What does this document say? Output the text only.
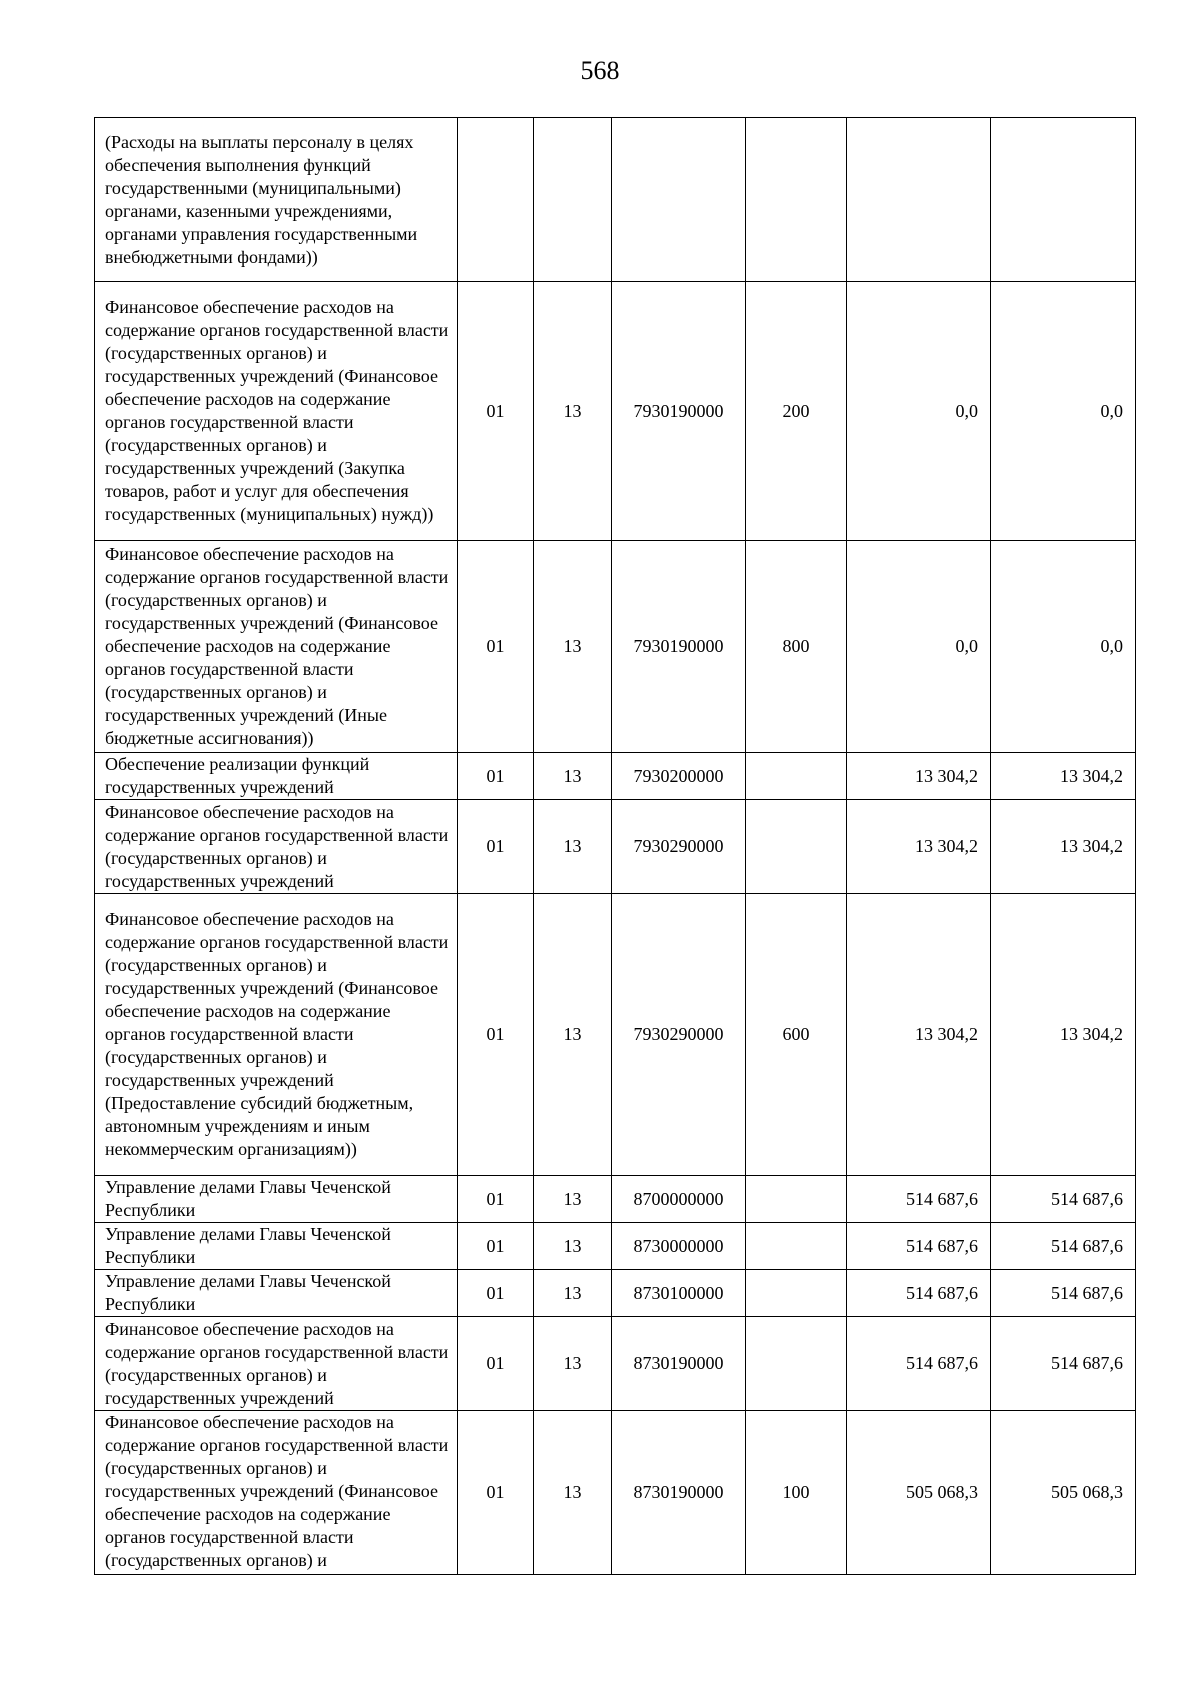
568
(Расходы на выплаты персоналу в целях обеспечения выполнения функций государственными (муниципальными) органами, казенными учреждениями, органами управления государственными внебюджетными фондами))						
Финансовое обеспечение расходов на содержание органов государственной власти (государственных органов) и государственных учреждений (Финансовое обеспечение расходов на содержание органов государственной власти (государственных органов) и государственных учреждений (Закупка товаров, работ и услуг для обеспечения государственных (муниципальных) нужд))	01	13	7930190000	200	0,0	0,0
Финансовое обеспечение расходов на содержание органов государственной власти (государственных органов) и государственных учреждений (Финансовое обеспечение расходов на содержание органов государственной власти (государственных органов) и государственных учреждений (Иные бюджетные ассигнования))	01	13	7930190000	800	0,0	0,0
Обеспечение реализации функций государственных учреждений	01	13	7930200000		13 304,2	13 304,2
Финансовое обеспечение расходов на содержание органов государственной власти (государственных органов) и государственных учреждений	01	13	7930290000		13 304,2	13 304,2
Финансовое обеспечение расходов на содержание органов государственной власти (государственных органов) и государственных учреждений (Финансовое обеспечение расходов на содержание органов государственной власти (государственных органов) и государственных учреждений (Предоставление субсидий бюджетным, автономным учреждениям и иным некоммерческим организациям))	01	13	7930290000	600	13 304,2	13 304,2
Управление делами Главы Чеченской Республики	01	13	8700000000		514 687,6	514 687,6
Управление делами Главы Чеченской Республики	01	13	8730000000		514 687,6	514 687,6
Управление делами Главы Чеченской Республики	01	13	8730100000		514 687,6	514 687,6
Финансовое обеспечение расходов на содержание органов государственной власти (государственных органов) и государственных учреждений	01	13	8730190000		514 687,6	514 687,6
Финансовое обеспечение расходов на содержание органов государственной власти (государственных органов) и государственных учреждений (Финансовое обеспечение расходов на содержание органов государственной власти (государственных органов) и	01	13	8730190000	100	505 068,3	505 068,3
